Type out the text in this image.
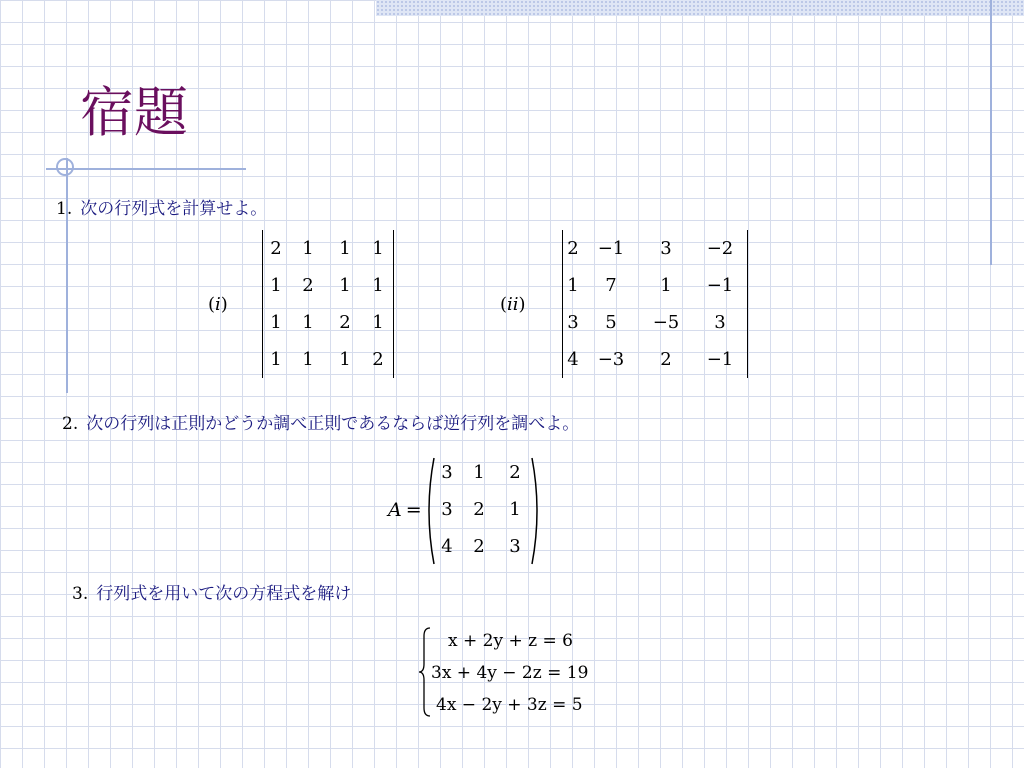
宿題
1. 次の行列式を計算せよ。
(i)
2	1	1	1
1	2	1	1
1	1	2	1
1	1	1	2
(ii)
2	−1	3	−2
1	7	1	−1
3	5	−5	3
4	−3	2	−1
2. 次の行列は正則かどうか調べ正則であるならば逆行列を調べよ。
A =
3	1	2
3	2	1
4	2	3
3. 行列式を用いて次の方程式を解け
x + 2y + z = 6
3x + 4y − 2z = 19
4x − 2y + 3z = 5
